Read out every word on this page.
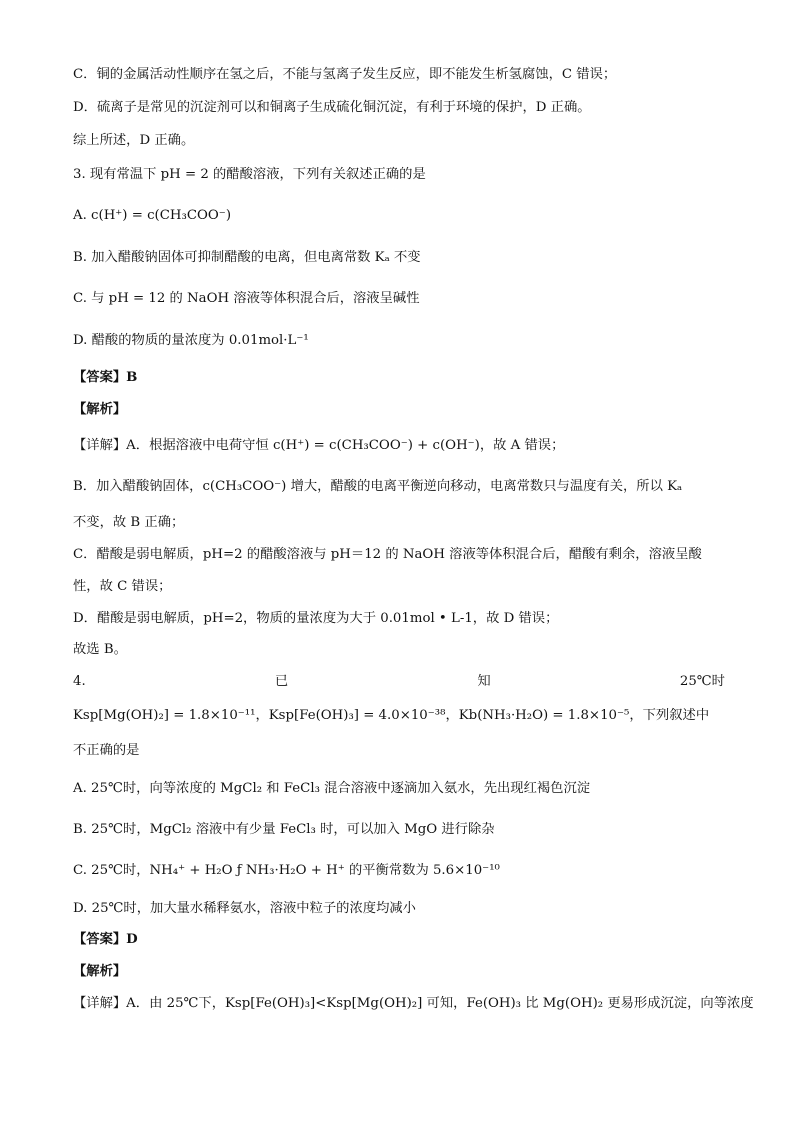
C．铜的金属活动性顺序在氢之后，不能与氢离子发生反应，即不能发生析氢腐蚀，C 错误；
D．硫离子是常见的沉淀剂可以和铜离子生成硫化铜沉淀，有利于环境的保护，D 正确。
综上所述，D 正确。
3. 现有常温下 pH = 2 的醋酸溶液，下列有关叙述正确的是
A. c(H⁺) = c(CH₃COO⁻)
B. 加入醋酸钠固体可抑制醋酸的电离，但电离常数 Kₐ 不变
C. 与 pH = 12 的 NaOH 溶液等体积混合后，溶液呈碱性
D. 醋酸的物质的量浓度为 0.01mol·L⁻¹
【答案】B
【解析】
【详解】A．根据溶液中电荷守恒 c(H⁺) = c(CH₃COO⁻) + c(OH⁻)，故 A 错误；
B．加入醋酸钠固体，c(CH₃COO⁻) 增大，醋酸的电离平衡逆向移动，电离常数只与温度有关，所以 Kₐ
不变，故 B 正确；
C．醋酸是弱电解质，pH=2 的醋酸溶液与 pH＝12 的 NaOH 溶液等体积混合后，醋酸有剩余，溶液呈酸
性，故 C 错误；
D．醋酸是弱电解质，pH=2，物质的量浓度为大于 0.01mol • L-1，故 D 错误；
故选 B。
4.	已	知	25℃时
Ksp[Mg(OH)₂] = 1.8×10⁻¹¹，Ksp[Fe(OH)₃] = 4.0×10⁻³⁸，Kb(NH₃·H₂O) = 1.8×10⁻⁵，下列叙述中
不正确的是
A. 25℃时，向等浓度的 MgCl₂ 和 FeCl₃ 混合溶液中逐滴加入氨水，先出现红褐色沉淀
B. 25℃时，MgCl₂ 溶液中有少量 FeCl₃ 时，可以加入 MgO 进行除杂
C. 25℃时，NH₄⁺ + H₂O ƒ NH₃·H₂O + H⁺ 的平衡常数为 5.6×10⁻¹⁰
D. 25℃时，加大量水稀释氨水，溶液中粒子的浓度均减小
【答案】D
【解析】
【详解】A．由 25℃下，Ksp[Fe(OH)₃]<Ksp[Mg(OH)₂] 可知，Fe(OH)₃ 比 Mg(OH)₂ 更易形成沉淀，向等浓度
